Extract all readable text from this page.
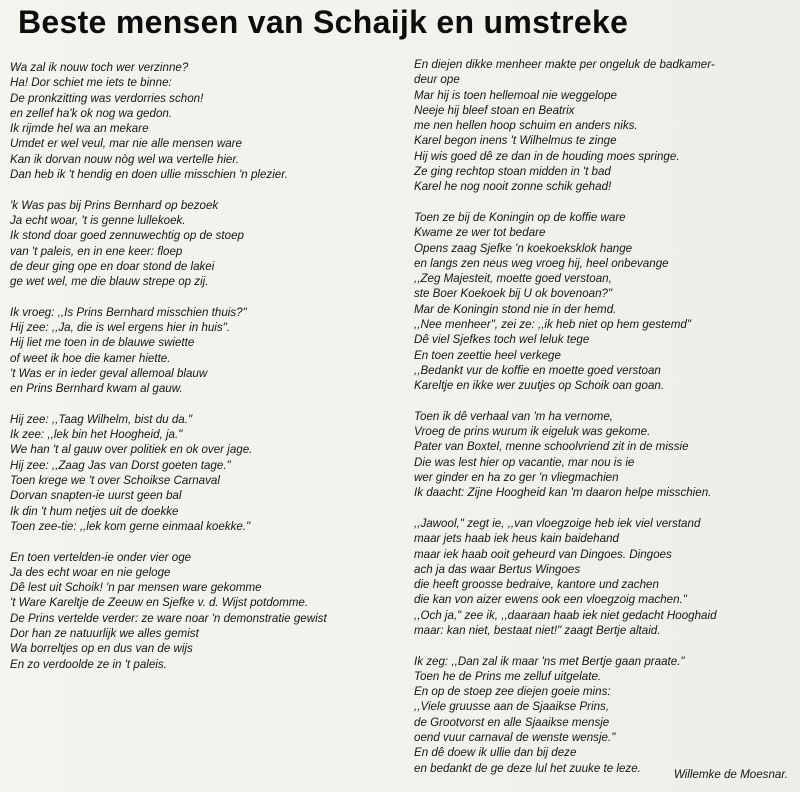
Beste mensen van Schaijk en umstreke
Wa zal ik nouw toch wer verzinne?
Ha! Dor schiet me iets te binne:
De pronkzitting was verdorries schon!
en zellef ha'k ok nog wa gedon.
Ik rijmde hel wa an mekare
Umdet er wel veul, mar nie alle mensen ware
Kan ik dorvan nouw nòg wel wa vertelle hier.
Dan heb ik 't hendig en doen ullie misschien 'n plezier.
'k Was pas bij Prins Bernhard op bezoek
Ja echt woar, 't is genne lullekoek.
Ik stond doar goed zennuwechtig op de stoep
van 't paleis, en in ene keer: floep
de deur ging ope en doar stond de lakei
ge wet wel, me die blauw strepe op zij.
Ik vroeg: ,,Is Prins Bernhard misschien thuis?"
Hij zee: ,,Ja, die is wel ergens hier in huis".
Hij liet me toen in de blauwe swiette
of weet ik hoe die kamer hiette.
't Was er in ieder geval allemoal blauw
en Prins Bernhard kwam al gauw.
Hij zee: ,,Taag Wilhelm, bist du da."
Ik zee: ,,lek bin het Hoogheid, ja."
We han 't al gauw over politiek en ok over jage.
Hij zee: ,,Zaag Jas van Dorst goeten tage."
Toen krege we 't over Schoikse Carnaval
Dorvan snapten-ie uurst geen bal
Ik din 't hum netjes uit de doekke
Toen zee-tie: ,,lek kom gerne einmaal koekke."
En toen vertelden-ie onder vier oge
Ja des echt woar en nie geloge
Dê lest uit Schoik! 'n par mensen ware gekomme
't Ware Kareltje de Zeeuw en Sjefke v. d. Wijst potdomme.
De Prins vertelde verder: ze ware noar 'n demonstratie gewist
Dor han ze natuurlijk we alles gemist
Wa borreltjes op en dus van de wijs
En zo verdoolde ze in 't paleis.
En diejen dikke menheer makte per ongeluk de badkamer-
deur ope
Mar hij is toen hellemoal nie weggelope
Neeje hij bleef stoan en Beatrix
me nen hellen hoop schuim en anders niks.
Karel begon inens 't Wilhelmus te zinge
Hij wis goed dê ze dan in de houding moes springe.
Ze ging rechtop stoan midden in 't bad
Karel he nog nooit zonne schik gehad!
Toen ze bij de Koningin op de koffie ware
Kwame ze wer tot bedare
Opens zaag Sjefke 'n koekoeksklok hange
en langs zen neus weg vroeg hij, heel onbevange
,,Zeg Majesteit, moette goed verstoan,
ste Boer Koekoek bij U ok bovenoan?"
Mar de Koningin stond nie in der hemd.
,,Nee menheer", zei ze: ,,ik heb niet op hem gestemd"
Dê viel Sjefkes toch wel leluk tege
En toen zeettie heel verkege
,,Bedankt vur de koffie en moette goed verstoan
Kareltje en ikke wer zuutjes op Schoik oan goan.
Toen ik dê verhaal van 'm ha vernome,
Vroeg de prins wurum ik eigeluk was gekome.
Pater van Boxtel, menne schoolvriend zit in de missie
Die was lest hier op vacantie, mar nou is ie
wer ginder en ha zo ger 'n vliegmachien
Ik daacht: Zijne Hoogheid kan 'm daaron helpe misschien.
,,Jawool," zegt ie, ,,van vloegzoige heb iek viel verstand
maar jets haab iek heus kain baidehand
maar iek haab ooit geheurd van Dingoes. Dingoes
ach ja das waar Bertus Wingoes
die heeft groosse bedraive, kantore und zachen
die kan von aizer ewens ook een vloegzoig machen."
,,Och ja," zee ik, ,,daaraan haab iek niet gedacht Hooghaid
maar: kan niet, bestaat niet!" zaagt Bertje altaid.
Ik zeg: ,,Dan zal ik maar 'ns met Bertje gaan praate."
Toen he de Prins me zelluf uitgelate.
En op de stoep zee diejen goeie mins:
,,Viele gruusse aan de Sjaaikse Prins,
de Grootvorst en alle Sjaaikse mensje
oend vuur carnaval de wenste wensje."
En dê doew ik ullie dan bij deze
en bedankt de ge deze lul het zuuke te leze.	Willemke de Moesnar.
